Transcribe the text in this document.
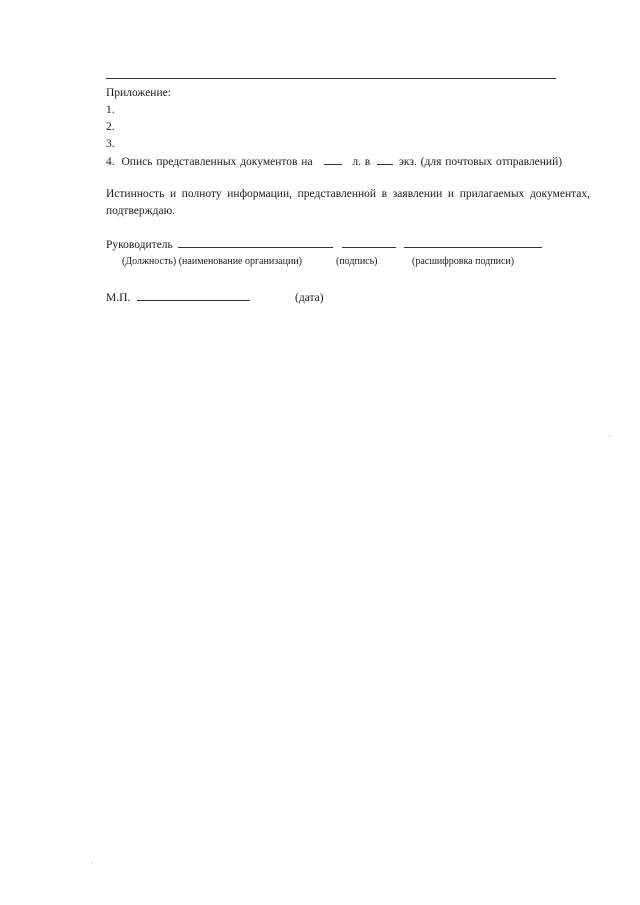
Приложение:
1.
2.
3.
4. Опись представленных документов на	л. в	экз. (для почтовых отправлений)
Истинность и полноту информации, представленной в заявлении и прилагаемых документах, подтверждаю.
Руководитель
(Должность) (наименование организации)	(подпись)	(расшифровка подписи)
М.П.	(дата)
